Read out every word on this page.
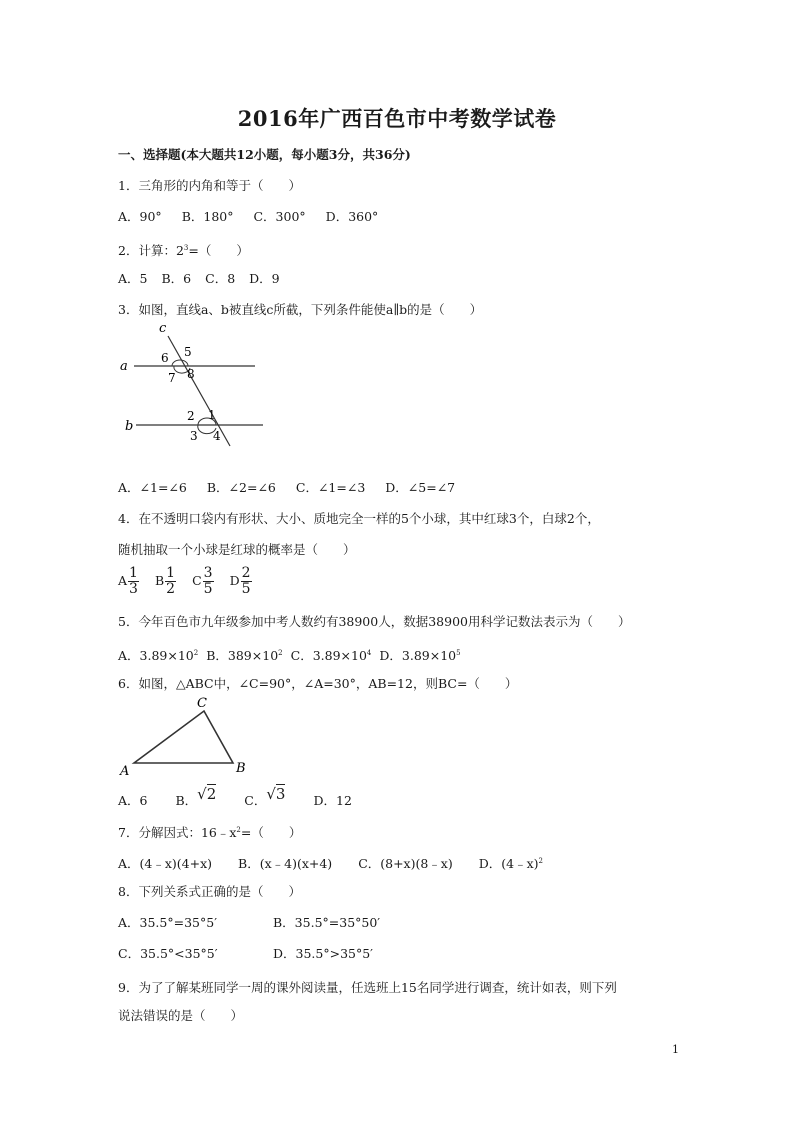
2016年广西百色市中考数学试卷
一、选择题(本大题共12小题，每小题3分，共36分)
1．三角形的内角和等于（　　）
A．90° B．180° C．300° D．360°
2．计算：$2^3=$（　　）
A．5 B．6 C．8 D．9
3．如图，直线a、b被直线c所截，下列条件能使a∥b的是（　　）
c
a
b
6 5
7 8
2 1
3 4
A．∠1=∠6 B．∠2=∠6 C．∠1=∠3 D．∠5=∠7
4．在不透明口袋内有形状、大小、质地完全一样的5个小球，其中红球3个，白球2个，
随机抽取一个小球是红球的概率是（　　）
A $\frac{1}{3}$ B $\frac{1}{2}$ C $\frac{3}{5}$ D $\frac{2}{5}$
5．今年百色市九年级参加中考人数约有38900人，数据38900用科学记数法表示为（　　）
A．$3.89\times 10^2$ B．$389\times 10^2$ C．$3.89\times 10^4$ D．$3.89\times 10^5$
6．如图，△ABC中，∠C=90°，∠A=30°，AB=12，则BC=（　　）
C
A	B
A．6 B．√2 C．√3 D．12
7．分解因式：$16﹣x^2=$（　　）
A．(4﹣x)(4+x) B．(x﹣4)(x+4) C．(8+x)(8﹣x) D．(4﹣x)$^2$
8．下列关系式正确的是（　　）
A．35.5°=35°5′	B．35.5°=35°50′
C．35.5°<35°5′	D．35.5°>35°5′
9．为了了解某班同学一周的课外阅读量，任选班上15名同学进行调查，统计如表，则下列
说法错误的是（　　）
1
